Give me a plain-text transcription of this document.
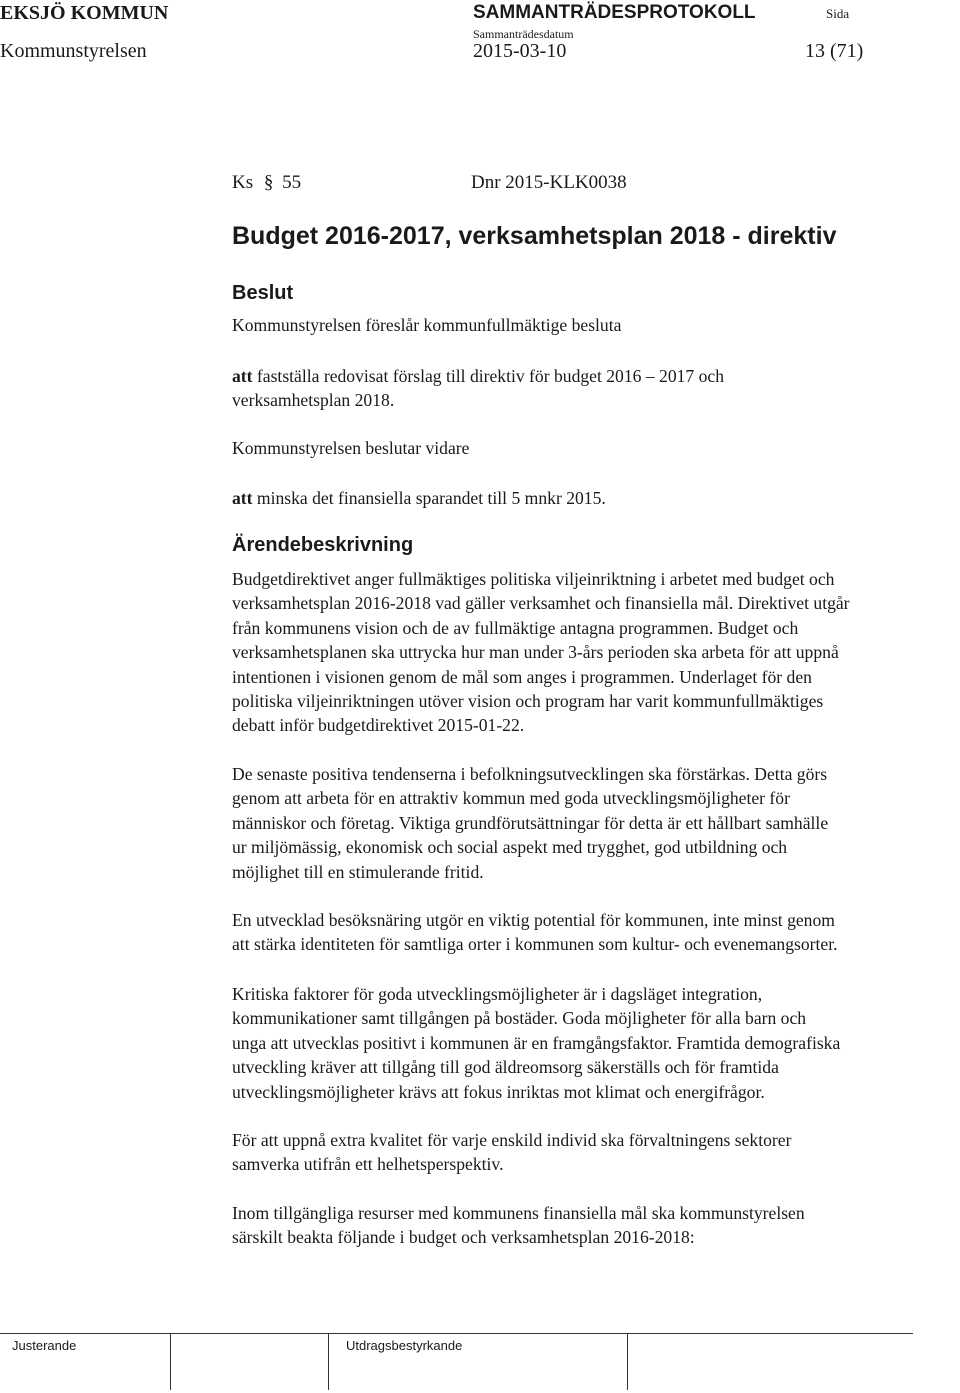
EKSJÖ KOMMUN
Kommunstyrelsen
SAMMANTRÄDESPROTOKOLL
Sammanträdesdatum
2015-03-10
Sida
13 (71)
Ks § 55	Dnr 2015-KLK0038
Budget 2016-2017, verksamhetsplan 2018 - direktiv
Beslut
Kommunstyrelsen föreslår kommunfullmäktige besluta
att fastställa redovisat förslag till direktiv för budget 2016 – 2017 och
verksamhetsplan 2018.
Kommunstyrelsen beslutar vidare
att minska det finansiella sparandet till 5 mnkr 2015.
Ärendebeskrivning
Budgetdirektivet anger fullmäktiges politiska viljeinriktning i arbetet med budget och
verksamhetsplan 2016-2018 vad gäller verksamhet och finansiella mål. Direktivet utgår
från kommunens vision och de av fullmäktige antagna programmen. Budget och
verksamhetsplanen ska uttrycka hur man under 3-års perioden ska arbeta för att uppnå
intentionen i visionen genom de mål som anges i programmen. Underlaget för den
politiska viljeinriktningen utöver vision och program har varit kommunfullmäktiges
debatt inför budgetdirektivet 2015-01-22.
De senaste positiva tendenserna i befolkningsutvecklingen ska förstärkas. Detta görs
genom att arbeta för en attraktiv kommun med goda utvecklingsmöjligheter för
människor och företag. Viktiga grundförutsättningar för detta är ett hållbart samhälle
ur miljömässig, ekonomisk och social aspekt med trygghet, god utbildning och
möjlighet till en stimulerande fritid.
En utvecklad besöksnäring utgör en viktig potential för kommunen, inte minst genom
att stärka identiteten för samtliga orter i kommunen som kultur- och evenemangsorter.
Kritiska faktorer för goda utvecklingsmöjligheter är i dagsläget integration,
kommunikationer samt tillgången på bostäder. Goda möjligheter för alla barn och
unga att utvecklas positivt i kommunen är en framgångsfaktor. Framtida demografiska
utveckling kräver att tillgång till god äldreomsorg säkerställs och för framtida
utvecklingsmöjligheter krävs att fokus inriktas mot klimat och energifrågor.
För att uppnå extra kvalitet för varje enskild individ ska förvaltningens sektorer
samverka utifrån ett helhetsperspektiv.
Inom tillgängliga resurser med kommunens finansiella mål ska kommunstyrelsen
särskilt beakta följande i budget och verksamhetsplan 2016-2018:
Justerande	Utdragsbestyrkande
